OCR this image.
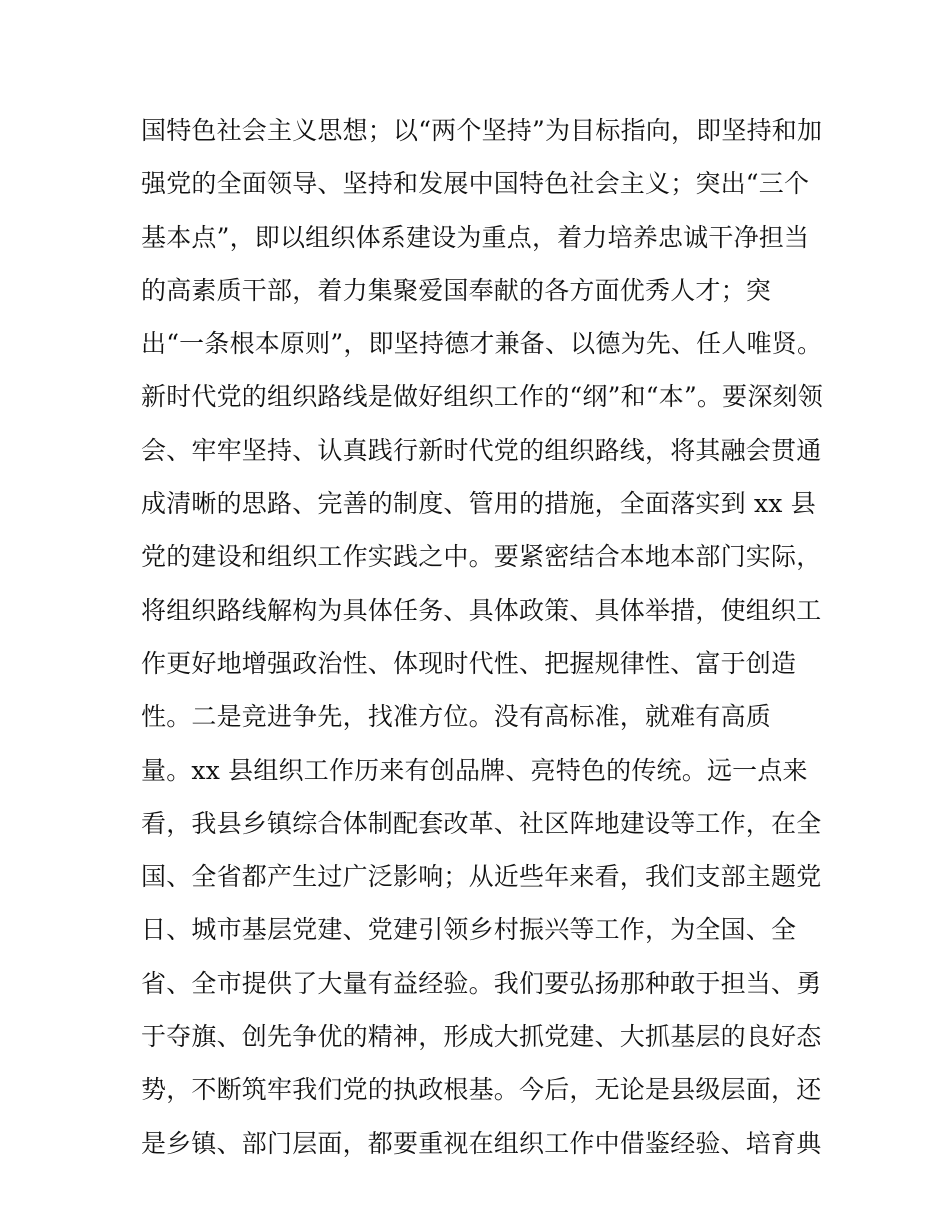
国特色社会主义思想；以“两个坚持”为目标指向，即坚持和加
强党的全面领导、坚持和发展中国特色社会主义；突出“三个
基本点”，即以组织体系建设为重点，着力培养忠诚干净担当
的高素质干部，着力集聚爱国奉献的各方面优秀人才；突
出“一条根本原则”，即坚持德才兼备、以德为先、任人唯贤。
新时代党的组织路线是做好组织工作的“纲”和“本”。要深刻领
会、牢牢坚持、认真践行新时代党的组织路线，将其融会贯通
成清晰的思路、完善的制度、管用的措施，全面落实到 xx 县
党的建设和组织工作实践之中。要紧密结合本地本部门实际，
将组织路线解构为具体任务、具体政策、具体举措，使组织工
作更好地增强政治性、体现时代性、把握规律性、富于创造
性。二是竞进争先，找准方位。没有高标准，就难有高质
量。xx 县组织工作历来有创品牌、亮特色的传统。远一点来
看，我县乡镇综合体制配套改革、社区阵地建设等工作，在全
国、全省都产生过广泛影响；从近些年来看，我们支部主题党
日、城市基层党建、党建引领乡村振兴等工作，为全国、全
省、全市提供了大量有益经验。我们要弘扬那种敢于担当、勇
于夺旗、创先争优的精神，形成大抓党建、大抓基层的良好态
势，不断筑牢我们党的执政根基。今后，无论是县级层面，还
是乡镇、部门层面，都要重视在组织工作中借鉴经验、培育典
